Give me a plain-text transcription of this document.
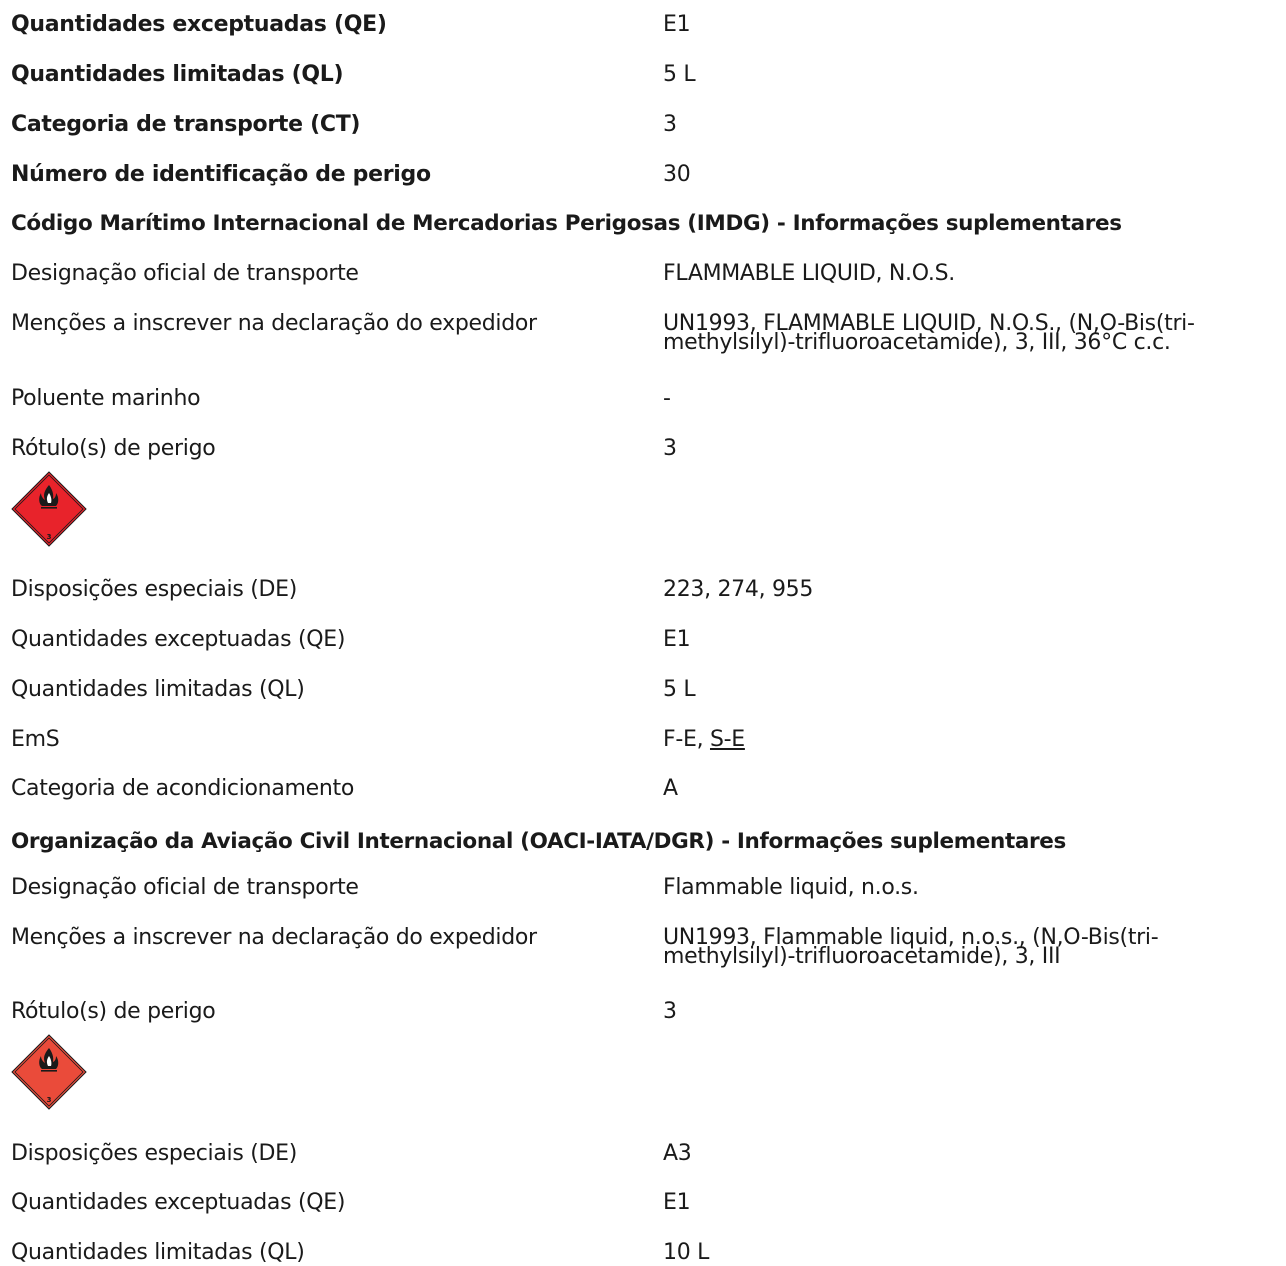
Quantidades exceptuadas (QE)	E1
Quantidades limitadas (QL)	5 L
Categoria de transporte (CT)	3
Número de identificação de perigo	30
Código Marítimo Internacional de Mercadorias Perigosas (IMDG) - Informações suplementares
Designação oficial de transporte	FLAMMABLE LIQUID, N.O.S.
Menções a inscrever na declaração do expedidor	UN1993, FLAMMABLE LIQUID, N.O.S., (N,O-Bis(tri-
methylsilyl)-trifluoroacetamide), 3, III, 36°C c.c.
Poluente marinho	-
Rótulo(s) de perigo	3
3
Disposições especiais (DE)	223, 274, 955
Quantidades exceptuadas (QE)	E1
Quantidades limitadas (QL)	5 L
EmS	F-E, S-E
Categoria de acondicionamento	A
Organização da Aviação Civil Internacional (OACI-IATA/DGR) - Informações suplementares
Designação oficial de transporte	Flammable liquid, n.o.s.
Menções a inscrever na declaração do expedidor	UN1993, Flammable liquid, n.o.s., (N,O-Bis(tri-
methylsilyl)-trifluoroacetamide), 3, III
Rótulo(s) de perigo	3
3
Disposições especiais (DE)	A3
Quantidades exceptuadas (QE)	E1
Quantidades limitadas (QL)	10 L
